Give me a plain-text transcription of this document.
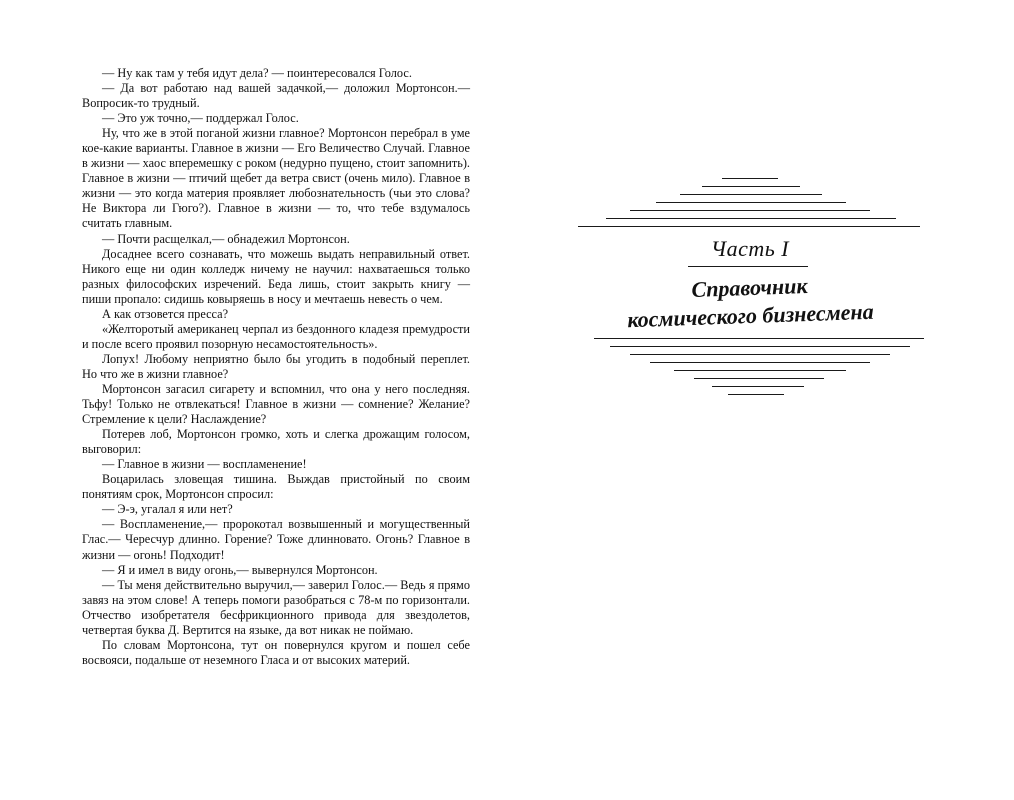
— Ну как там у тебя идут дела? — поинтересовался Голос.

— Да вот работаю над вашей задачкой,— доложил Мортонсон.— Вопросик-то трудный.

— Это уж точно,— поддержал Голос.

Ну, что же в этой поганой жизни главное? Мортонсон перебрал в уме кое-какие варианты. Главное в жизни — Его Величество Случай. Главное в жизни — хаос вперемешку с роком (недурно пущено, стоит запомнить). Главное в жизни — птичий щебет да ветра свист (очень мило). Главное в жизни — это когда материя проявляет любознательность (чьи это слова? Не Виктора ли Гюго?). Главное в жизни — то, что тебе вздумалось считать главным.

— Почти расщелкал,— обнадежил Мортонсон.

Досаднее всего сознавать, что можешь выдать неправильный ответ. Никого еще ни один колледж ничему не научил: нахватаешься только разных философских изречений. Беда лишь, стоит закрыть книгу — пиши пропало: сидишь ковыряешь в носу и мечтаешь невесть о чем.

А как отзовется пресса?

«Желторотый американец черпал из бездонного кладезя премудрости и после всего проявил позорную несамостоятельность».

Лопух! Любому неприятно было бы угодить в подобный переплет. Но что же в жизни главное?

Мортонсон загасил сигарету и вспомнил, что она у него последняя. Тьфу! Только не отвлекаться! Главное в жизни — сомнение? Желание? Стремление к цели? Наслаждение?

Потерев лоб, Мортонсон громко, хоть и слегка дрожащим голосом, выговорил:

— Главное в жизни — воспламенение!

Воцарилась зловещая тишина. Выждав пристойный по своим понятиям срок, Мортонсон спросил:

— Э-э, угалал я или нет?

— Воспламенение,— пророкотал возвышенный и могущественный Глас.— Чересчур длинно. Горение? Тоже длинновато. Огонь? Главное в жизни — огонь! Подходит!

— Я и имел в виду огонь,— вывернулся Мортонсон.

— Ты меня действительно выручил,— заверил Голос.— Ведь я прямо завяз на этом слове! А теперь помоги разобраться с 78-м по горизонтали. Отчество изобретателя бесфрикционного привода для звездолетов, четвертая буква Д. Вертится на языке, да вот никак не поймаю.

По словам Мортонсона, тут он повернулся кругом и пошел себе восвояси, подальше от неземного Гласа и от высоких материй.

Часть I
Справочник
космического бизнесмена
